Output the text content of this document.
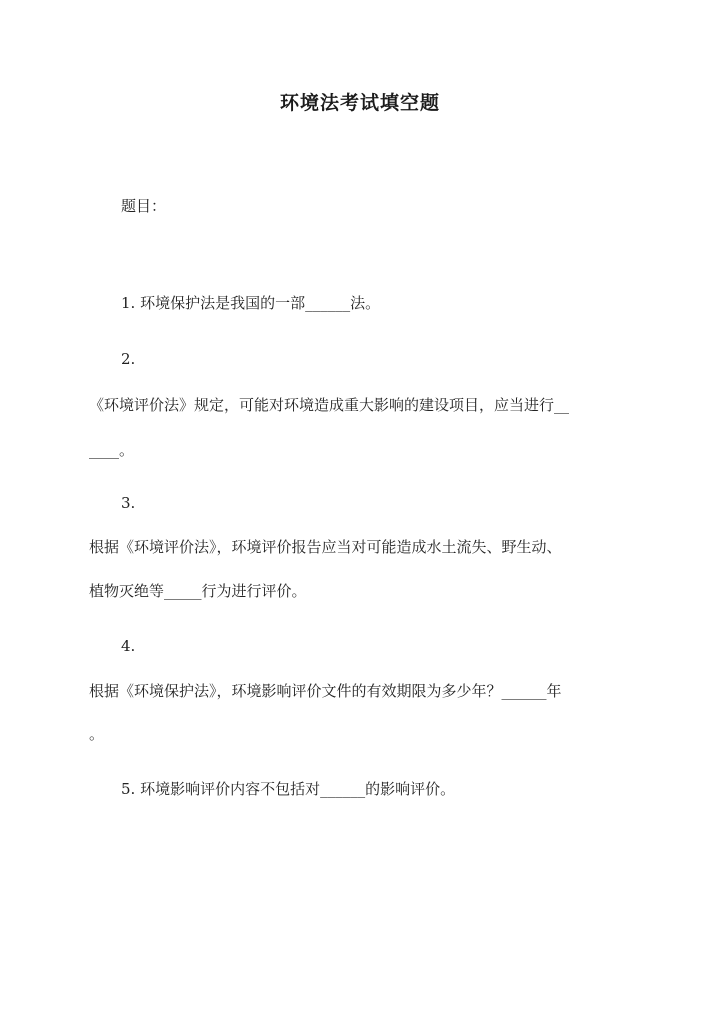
环境法考试填空题
题目：
1. 环境保护法是我国的一部______法。
2.
《环境评价法》规定，可能对环境造成重大影响的建设项目，应当进行__
____。
3.
根据《环境评价法》，环境评价报告应当对可能造成水土流失、野生动、
植物灭绝等_____行为进行评价。
4.
根据《环境保护法》，环境影响评价文件的有效期限为多少年？______年
。
5. 环境影响评价内容不包括对______的影响评价。
